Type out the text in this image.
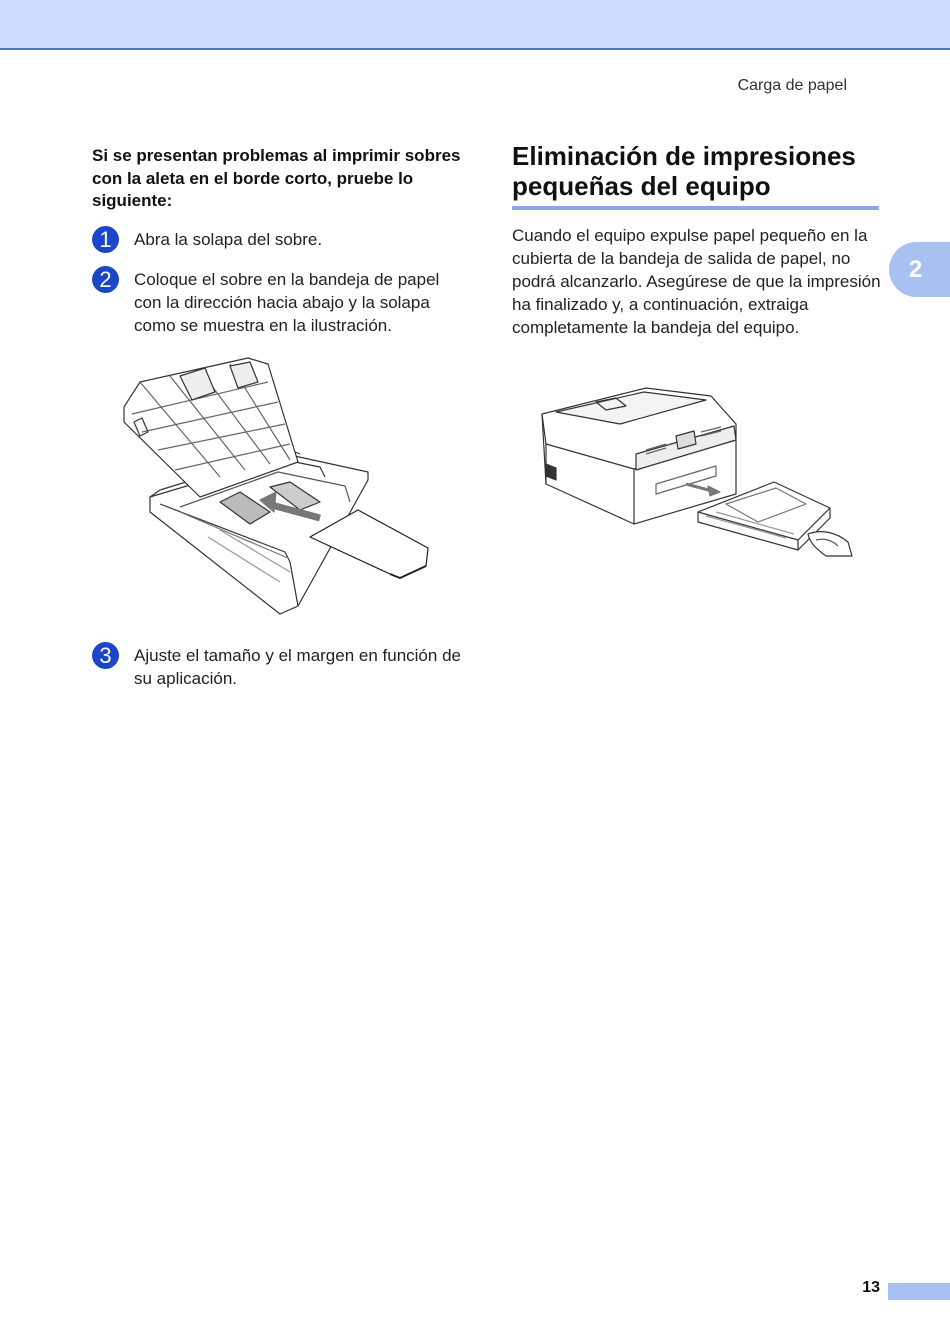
Carga de papel
Si se presentan problemas al imprimir sobres con la aleta en el borde corto, pruebe lo siguiente:
1	Abra la solapa del sobre.
2	Coloque el sobre en la bandeja de papel con la dirección hacia abajo y la solapa como se muestra en la ilustración.
3	Ajuste el tamaño y el margen en función de su aplicación.
Eliminación de impresiones pequeñas del equipo
Cuando el equipo expulse papel pequeño en la cubierta de la bandeja de salida de papel, no podrá alcanzarlo. Asegúrese de que la impresión ha finalizado y, a continuación, extraiga completamente la bandeja del equipo.
2
13
